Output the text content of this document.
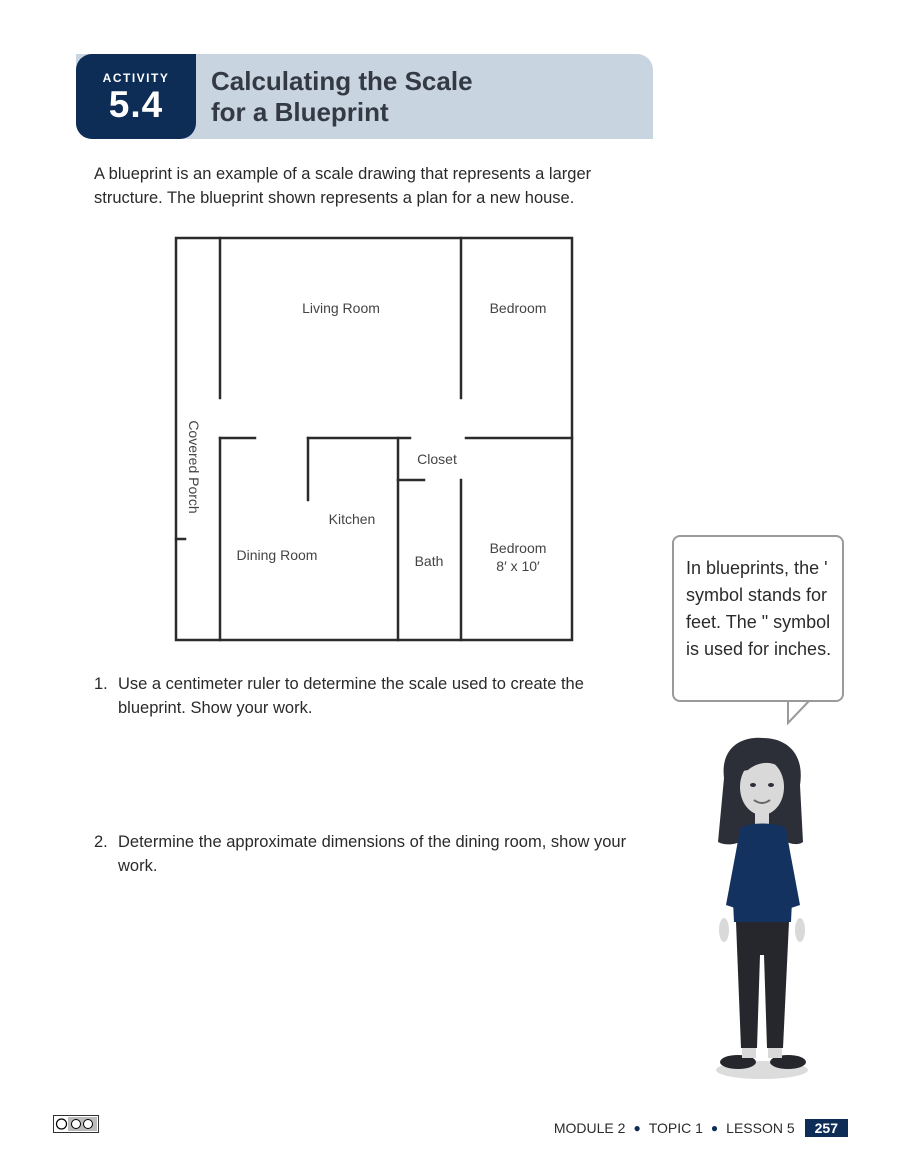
ACTIVITY
5.4
Calculating the Scale
for a Blueprint
A blueprint is an example of a scale drawing that represents a larger structure. The blueprint shown represents a plan for a new house.
Living Room	Bedroom
Covered Porch	Closet
Kitchen
Dining Room	Bath
Bedroom
8′ x 10′
1. Use a centimeter ruler to determine the scale used to create the blueprint. Show your work.
2. Determine the approximate dimensions of the dining room, show your work.
In blueprints, the ʹ symbol stands for feet. The ʺ symbol is used for inches.
MODULE 2 ● TOPIC 1 ● LESSON 5	257
